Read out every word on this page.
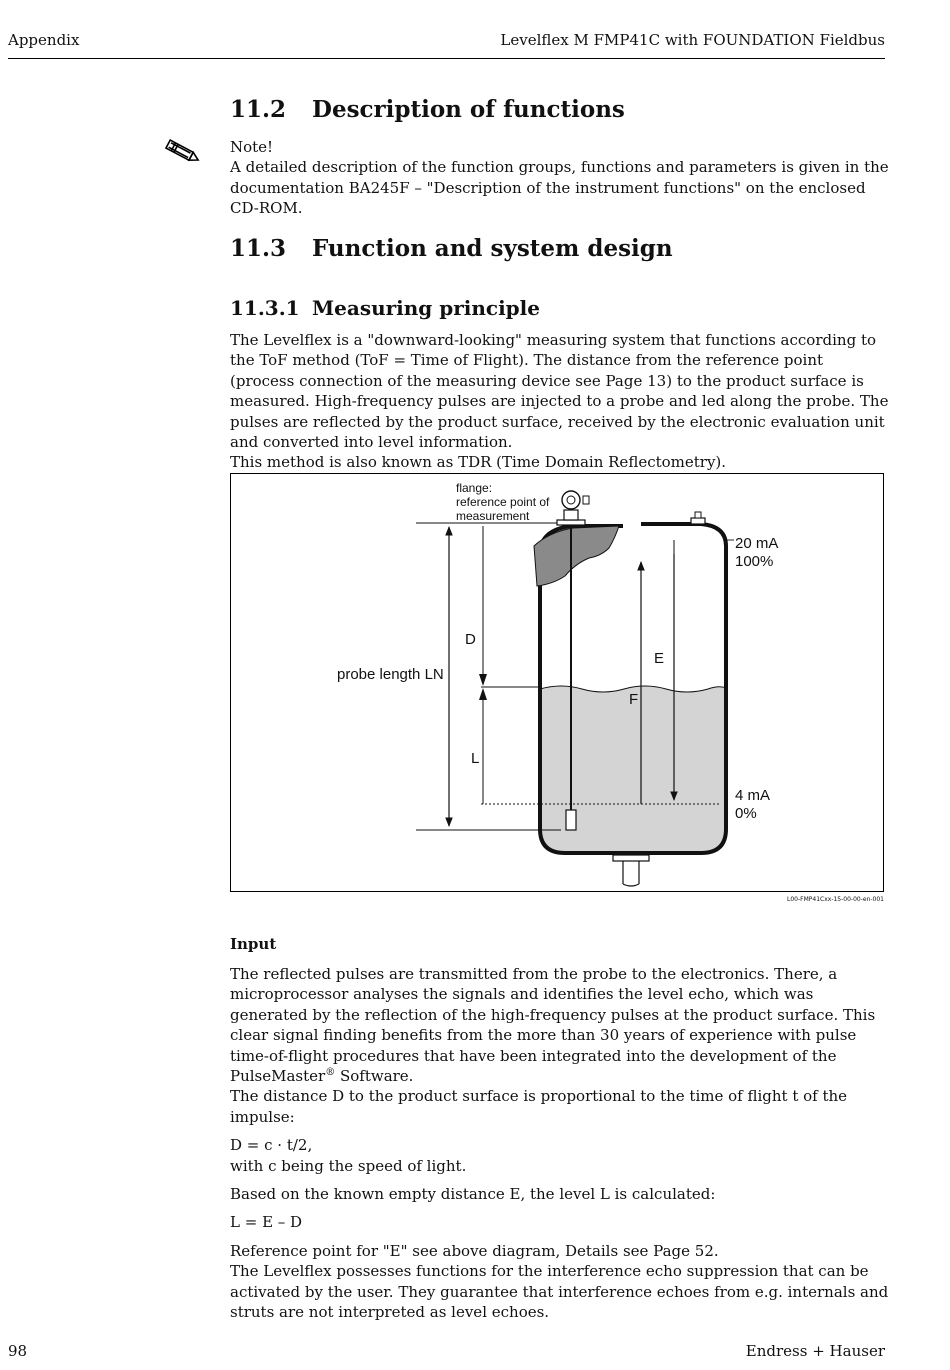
Appendix	Levelflex M FMP41C with FOUNDATION Fieldbus
11.2 Description of functions

Note!

A detailed description of the function groups, functions and parameters is given in the documentation BA245F – "Description of the instrument functions" on the enclosed CD-ROM.

11.3 Function and system design
11.3.1 Measuring principle

The Levelflex is a "downward-looking" measuring system that functions according to the ToF method (ToF = Time of Flight). The distance from the reference point (process connection of the measuring device see Page 13) to the product surface is measured. High-frequency pulses are injected to a probe and led along the probe. The pulses are reflected by the product surface, received by the electronic evaluation unit and converted into level information.

This method is also known as TDR (Time Domain Reflectometry).

flange:
reference point of
measurement
probe length LN
D
L
E
F
20 mA
100%
4 mA
0%
L00-FMP41Cxx-15-00-00-en-001
Input

The reflected pulses are transmitted from the probe to the electronics. There, a microprocessor analyses the signals and identifies the level echo, which was generated by the reflection of the high-frequency pulses at the product surface. This clear signal finding benefits from the more than 30 years of experience with pulse time-of-flight procedures that have been integrated into the development of the PulseMaster® Software.

The distance D to the product surface is proportional to the time of flight t of the impulse:

D = c · t/2,

with c being the speed of light.

Based on the known empty distance E, the level L is calculated:

L = E – D

Reference point for "E" see above diagram, Details see Page 52.

The Levelflex possesses functions for the interference echo suppression that can be activated by the user. They guarantee that interference echoes from e.g. internals and struts are not interpreted as level echoes.

98	Endress + Hauser
